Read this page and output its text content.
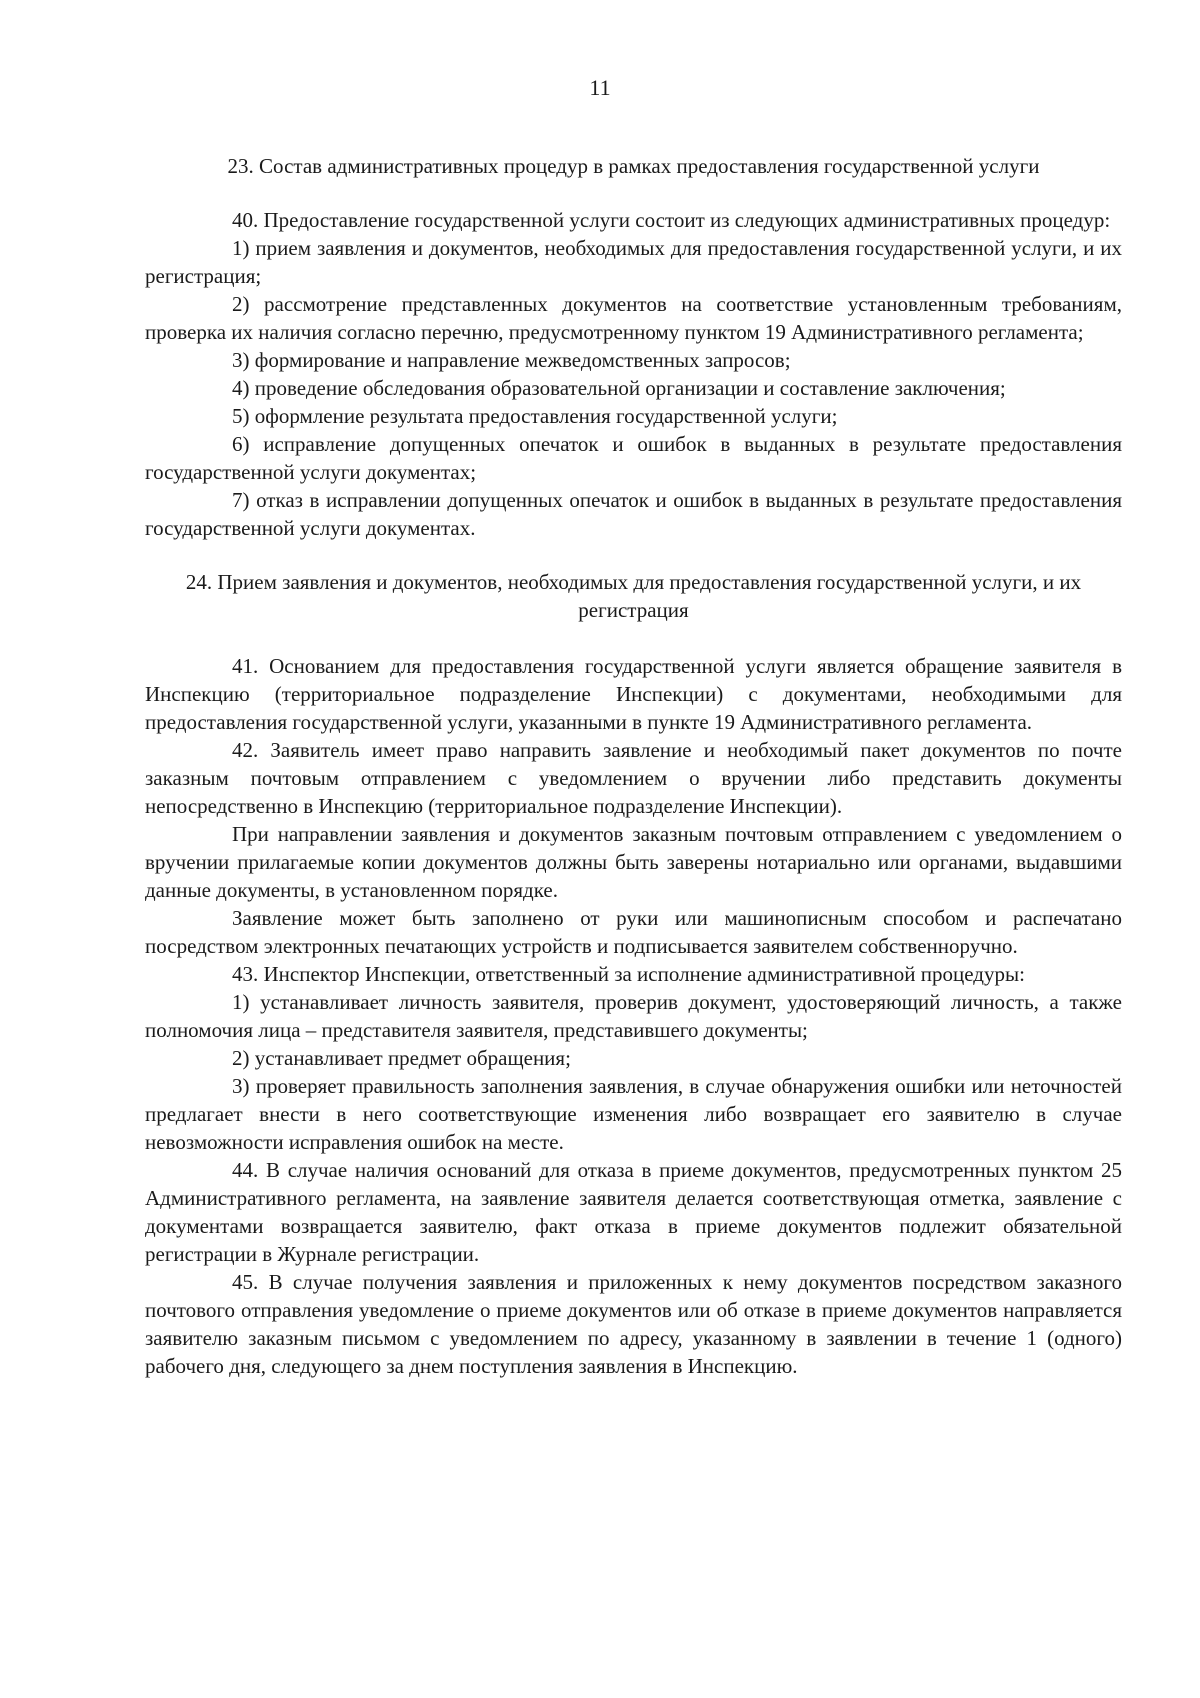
11

23. Состав административных процедур в рамках предоставления государственной услуги

40. Предоставление государственной услуги состоит из следующих административных процедур:

1) прием заявления и документов, необходимых для предоставления государственной услуги, и их регистрация;

2) рассмотрение представленных документов на соответствие установленным требованиям, проверка их наличия согласно перечню, предусмотренному пунктом 19 Административного регламента;

3) формирование и направление межведомственных запросов;

4) проведение обследования образовательной организации и составление заключения;

5) оформление результата предоставления государственной услуги;

6) исправление допущенных опечаток и ошибок в выданных в результате предоставления государственной услуги документах;

7) отказ в исправлении допущенных опечаток и ошибок в выданных в результате предоставления государственной услуги документах.

24. Прием заявления и документов, необходимых для предоставления государственной услуги, и их регистрация

41. Основанием для предоставления государственной услуги является обращение заявителя в Инспекцию (территориальное подразделение Инспекции) с документами, необходимыми для предоставления государственной услуги, указанными в пункте 19 Административного регламента.

42. Заявитель имеет право направить заявление и необходимый пакет документов по почте заказным почтовым отправлением с уведомлением о вручении либо представить документы непосредственно в Инспекцию (территориальное подразделение Инспекции).

При направлении заявления и документов заказным почтовым отправлением с уведомлением о вручении прилагаемые копии документов должны быть заверены нотариально или органами, выдавшими данные документы, в установленном порядке.

Заявление может быть заполнено от руки или машинописным способом и распечатано посредством электронных печатающих устройств и подписывается заявителем собственноручно.

43. Инспектор Инспекции, ответственный за исполнение административной процедуры:

1) устанавливает личность заявителя, проверив документ, удостоверяющий личность, а также полномочия лица – представителя заявителя, представившего документы;

2) устанавливает предмет обращения;

3) проверяет правильность заполнения заявления, в случае обнаружения ошибки или неточностей предлагает внести в него соответствующие изменения либо возвращает его заявителю в случае невозможности исправления ошибок на месте.

44. В случае наличия оснований для отказа в приеме документов, предусмотренных пунктом 25 Административного регламента, на заявление заявителя делается соответствующая отметка, заявление с документами возвращается заявителю, факт отказа в приеме документов подлежит обязательной регистрации в Журнале регистрации.

45. В случае получения заявления и приложенных к нему документов посредством заказного почтового отправления уведомление о приеме документов или об отказе в приеме документов направляется заявителю заказным письмом с уведомлением по адресу, указанному в заявлении в течение 1 (одного) рабочего дня, следующего за днем поступления заявления в Инспекцию.
